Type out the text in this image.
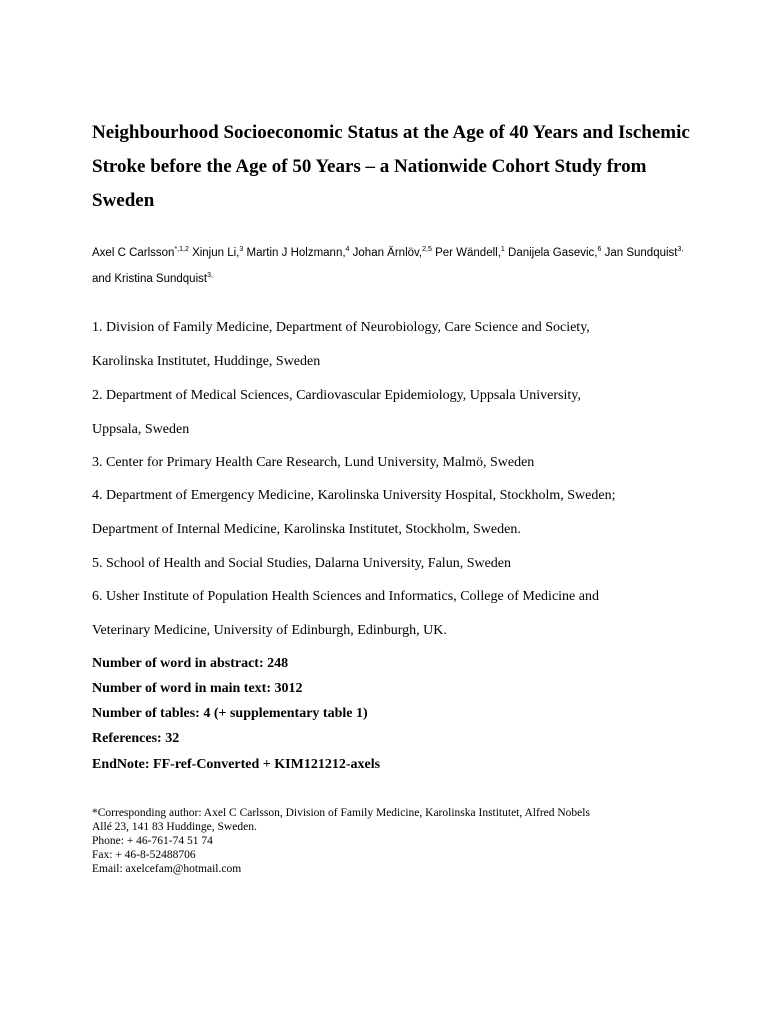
Neighbourhood Socioeconomic Status at the Age of 40 Years and Ischemic Stroke before the Age of 50 Years – a Nationwide Cohort Study from Sweden

Axel C Carlsson$^{*,1,2}$ Xinjun Li,$^3$ Martin J Holzmann,$^4$ Johan Ärnlöv,$^{2,5}$ Per Wändell,$^1$ Danijela Gasevic,$^6$ Jan Sundquist$^{3,}$ and Kristina Sundquist$^{3,}$

1. Division of Family Medicine, Department of Neurobiology, Care Science and Society,
Karolinska Institutet, Huddinge, Sweden
2. Department of Medical Sciences, Cardiovascular Epidemiology, Uppsala University,
Uppsala, Sweden
3. Center for Primary Health Care Research, Lund University, Malmö, Sweden
4. Department of Emergency Medicine, Karolinska University Hospital, Stockholm, Sweden;
Department of Internal Medicine, Karolinska Institutet, Stockholm, Sweden.
5. School of Health and Social Studies, Dalarna University, Falun, Sweden
6. Usher Institute of Population Health Sciences and Informatics, College of Medicine and
Veterinary Medicine, University of Edinburgh, Edinburgh, UK.
Number of word in abstract: 248
Number of word in main text: 3012
Number of tables: 4 (+ supplementary table 1)
References: 32
EndNote: FF-ref-Converted + KIM121212-axels
*Corresponding author: Axel C Carlsson, Division of Family Medicine, Karolinska Institutet, Alfred Nobels
Allé 23, 141 83 Huddinge, Sweden.
Phone: + 46-761-74 51 74
Fax: + 46-8-52488706
Email: axelcefam@hotmail.com
